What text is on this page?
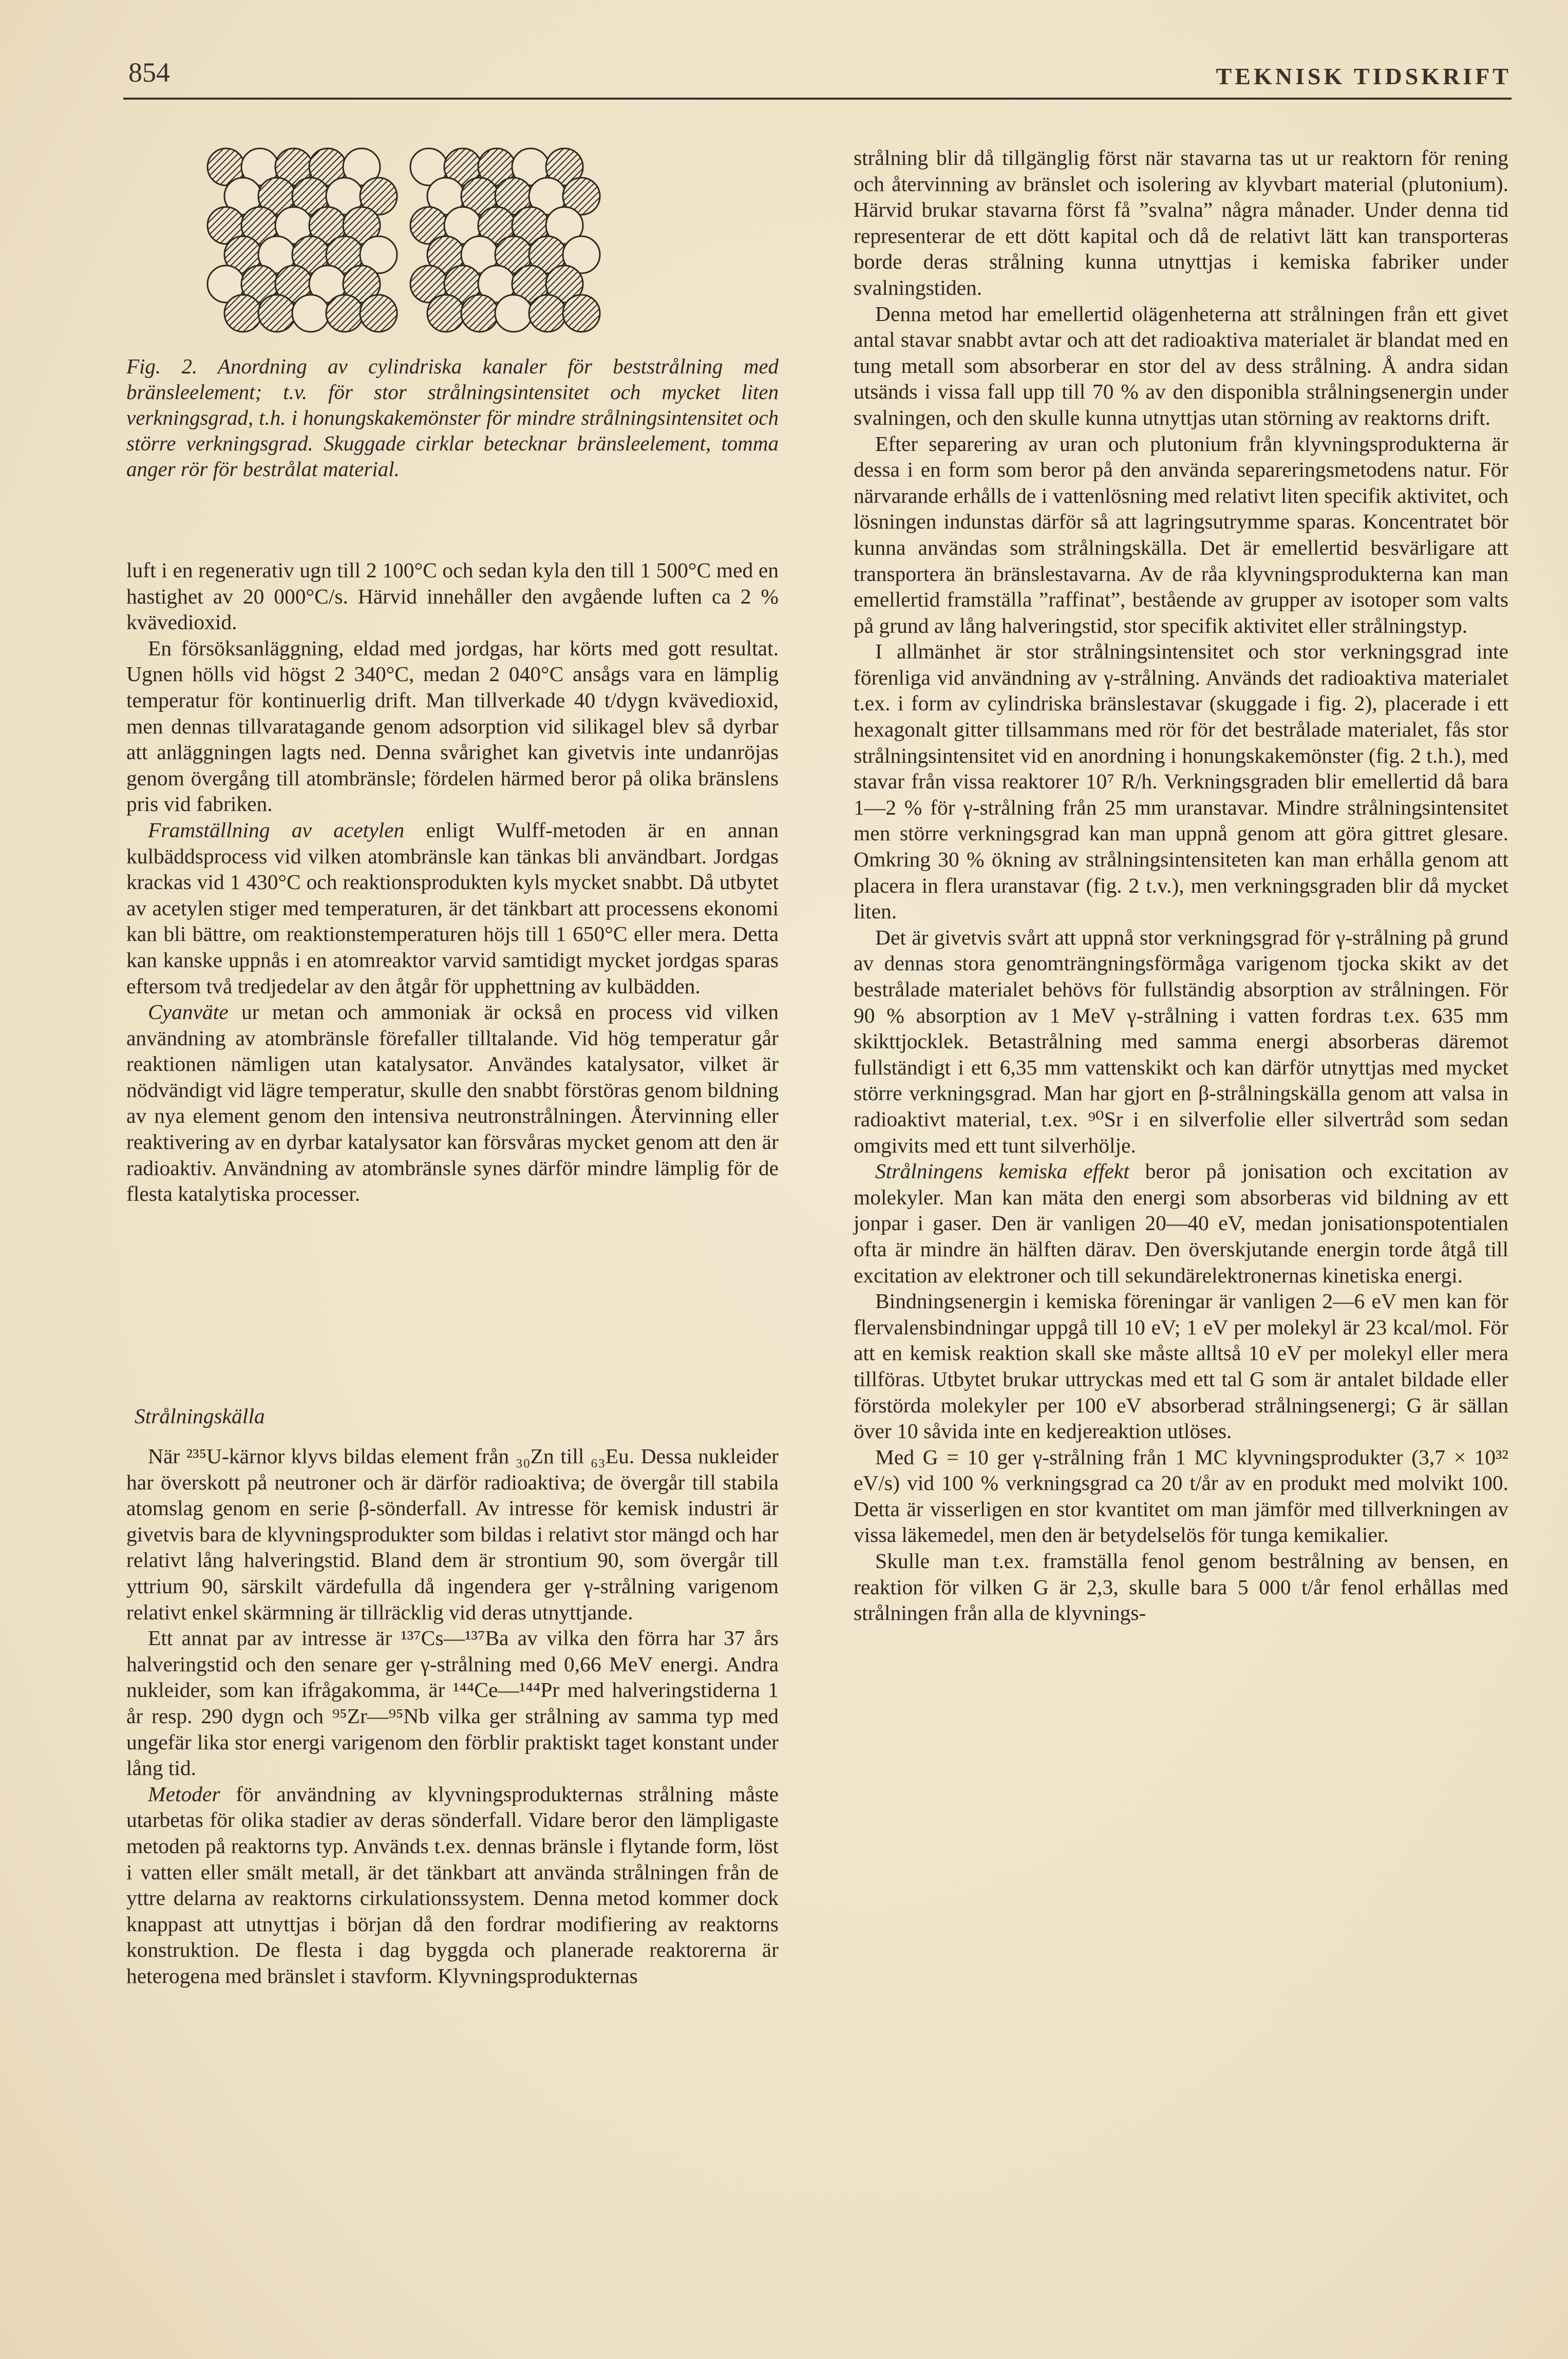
854	TEKNISK TIDSKRIFT
Fig. 2. Anordning av cylindriska kanaler för beststrålning med bränsleelement; t.v. för stor strålningsintensitet och mycket liten verkningsgrad, t.h. i honungskakemönster för mindre strålningsintensitet och större verkningsgrad. Skuggade cirklar betecknar bränsleelement, tomma anger rör för bestrålat material.

luft i en regenerativ ugn till 2 100°C och sedan kyla den till 1 500°C med en hastighet av 20 000°C/s. Härvid innehåller den avgående luften ca 2 % kvävedioxid.

En försöksanläggning, eldad med jordgas, har körts med gott resultat. Ugnen hölls vid högst 2 340°C, medan 2 040°C ansågs vara en lämplig temperatur för kontinuerlig drift. Man tillverkade 40 t/dygn kvävedioxid, men dennas tillvaratagande genom adsorption vid silikagel blev så dyrbar att anläggningen lagts ned. Denna svårighet kan givetvis inte undanröjas genom övergång till atombränsle; fördelen härmed beror på olika bränslens pris vid fabriken.

Framställning av acetylen enligt Wulff-metoden är en annan kulbäddsprocess vid vilken atombränsle kan tänkas bli användbart. Jordgas krackas vid 1 430°C och reaktionsprodukten kyls mycket snabbt. Då utbytet av acetylen stiger med temperaturen, är det tänkbart att processens ekonomi kan bli bättre, om reaktionstemperaturen höjs till 1 650°C eller mera. Detta kan kanske uppnås i en atomreaktor varvid samtidigt mycket jordgas sparas eftersom två tredjedelar av den åtgår för upphettning av kulbädden.

Cyanväte ur metan och ammoniak är också en process vid vilken användning av atombränsle förefaller tilltalande. Vid hög temperatur går reaktionen nämligen utan katalysator. Användes katalysator, vilket är nödvändigt vid lägre temperatur, skulle den snabbt förstöras genom bildning av nya element genom den intensiva neutronstrålningen. Återvinning eller reaktivering av en dyrbar katalysator kan försvåras mycket genom att den är radioaktiv. Användning av atombränsle synes därför mindre lämplig för de flesta katalytiska processer.

Strålningskälla

När ²³⁵U-kärnor klyvs bildas element från ₃₀Zn till ₆₃Eu. Dessa nukleider har överskott på neutroner och är därför radioaktiva; de övergår till stabila atomslag genom en serie β-sönderfall. Av intresse för kemisk industri är givetvis bara de klyvningsprodukter som bildas i relativt stor mängd och har relativt lång halveringstid. Bland dem är strontium 90, som övergår till yttrium 90, särskilt värdefulla då ingendera ger γ-strålning varigenom relativt enkel skärmning är tillräcklig vid deras utnyttjande.

Ett annat par av intresse är ¹³⁷Cs—¹³⁷Ba av vilka den förra har 37 års halveringstid och den senare ger γ-strålning med 0,66 MeV energi. Andra nukleider, som kan ifrågakomma, är ¹⁴⁴Ce—¹⁴⁴Pr med halveringstiderna 1 år resp. 290 dygn och ⁹⁵Zr—⁹⁵Nb vilka ger strålning av samma typ med ungefär lika stor energi varigenom den förblir praktiskt taget konstant under lång tid.

Metoder för användning av klyvningsprodukternas strålning måste utarbetas för olika stadier av deras sönderfall. Vidare beror den lämpligaste metoden på reaktorns typ. Används t.ex. dennas bränsle i flytande form, löst i vatten eller smält metall, är det tänkbart att använda strålningen från de yttre delarna av reaktorns cirkulationssystem. Denna metod kommer dock knappast att utnyttjas i början då den fordrar modifiering av reaktorns konstruktion. De flesta i dag byggda och planerade reaktorerna är heterogena med bränslet i stavform. Klyvningsprodukternas

strålning blir då tillgänglig först när stavarna tas ut ur reaktorn för rening och återvinning av bränslet och isolering av klyvbart material (plutonium). Härvid brukar stavarna först få ”svalna” några månader. Under denna tid representerar de ett dött kapital och då de relativt lätt kan transporteras borde deras strålning kunna utnyttjas i kemiska fabriker under svalningstiden.

Denna metod har emellertid olägenheterna att strålningen från ett givet antal stavar snabbt avtar och att det radioaktiva materialet är blandat med en tung metall som absorberar en stor del av dess strålning. Å andra sidan utsänds i vissa fall upp till 70 % av den disponibla strålningsenergin under svalningen, och den skulle kunna utnyttjas utan störning av reaktorns drift.

Efter separering av uran och plutonium från klyvningsprodukterna är dessa i en form som beror på den använda separeringsmetodens natur. För närvarande erhålls de i vattenlösning med relativt liten specifik aktivitet, och lösningen indunstas därför så att lagringsutrymme sparas. Koncentratet bör kunna användas som strålningskälla. Det är emellertid besvärligare att transportera än bränslestavarna. Av de råa klyvningsprodukterna kan man emellertid framställa ”raffinat”, bestående av grupper av isotoper som valts på grund av lång halveringstid, stor specifik aktivitet eller strålningstyp.

I allmänhet är stor strålningsintensitet och stor verkningsgrad inte förenliga vid användning av γ-strålning. Används det radioaktiva materialet t.ex. i form av cylindriska bränslestavar (skuggade i fig. 2), placerade i ett hexagonalt gitter tillsammans med rör för det bestrålade materialet, fås stor strålningsintensitet vid en anordning i honungskakemönster (fig. 2 t.h.), med stavar från vissa reaktorer 10⁷ R/h. Verkningsgraden blir emellertid då bara 1—2 % för γ-strålning från 25 mm uranstavar. Mindre strålningsintensitet men större verkningsgrad kan man uppnå genom att göra gittret glesare. Omkring 30 % ökning av strålningsintensiteten kan man erhålla genom att placera in flera uranstavar (fig. 2 t.v.), men verkningsgraden blir då mycket liten.

Det är givetvis svårt att uppnå stor verkningsgrad för γ-strålning på grund av dennas stora genomträngningsförmåga varigenom tjocka skikt av det bestrålade materialet behövs för fullständig absorption av strålningen. För 90 % absorption av 1 MeV γ-strålning i vatten fordras t.ex. 635 mm skikttjocklek. Betastrålning med samma energi absorberas däremot fullständigt i ett 6,35 mm vattenskikt och kan därför utnyttjas med mycket större verkningsgrad. Man har gjort en β-strålningskälla genom att valsa in radioaktivt material, t.ex. ⁹⁰Sr i en silverfolie eller silvertråd som sedan omgivits med ett tunt silverhölje.

Strålningens kemiska effekt beror på jonisation och excitation av molekyler. Man kan mäta den energi som absorberas vid bildning av ett jonpar i gaser. Den är vanligen 20—40 eV, medan jonisationspotentialen ofta är mindre än hälften därav. Den överskjutande energin torde åtgå till excitation av elektroner och till sekundärelektronernas kinetiska energi.

Bindningsenergin i kemiska föreningar är vanligen 2—6 eV men kan för flervalensbindningar uppgå till 10 eV; 1 eV per molekyl är 23 kcal/mol. För att en kemisk reaktion skall ske måste alltså 10 eV per molekyl eller mera tillföras. Utbytet brukar uttryckas med ett tal G som är antalet bildade eller förstörda molekyler per 100 eV absorberad strålningsenergi; G är sällan över 10 såvida inte en kedjereaktion utlöses.

Med G = 10 ger γ-strålning från 1 MC klyvningsprodukter (3,7 × 10³² eV/s) vid 100 % verkningsgrad ca 20 t/år av en produkt med molvikt 100. Detta är visserligen en stor kvantitet om man jämför med tillverkningen av vissa läkemedel, men den är betydelselös för tunga kemikalier.

Skulle man t.ex. framställa fenol genom bestrålning av bensen, en reaktion för vilken G är 2,3, skulle bara 5 000 t/år fenol erhållas med strålningen från alla de klyvnings-
